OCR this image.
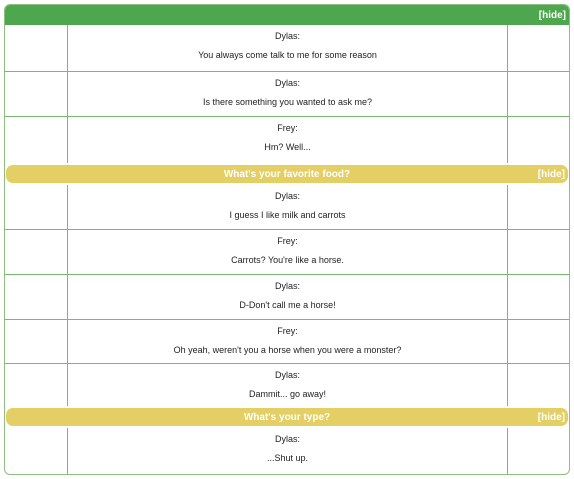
[hide]
Dylas:
You always come talk to me for some reason
Dylas:
Is there something you wanted to ask me?
Frey:
Hm? Well...
What's your favorite food?	[hide]
Dylas:
I guess I like milk and carrots
Frey:
Carrots? You're like a horse.
Dylas:
D-Don't call me a horse!
Frey:
Oh yeah, weren't you a horse when you were a monster?
Dylas:
Dammit... go away!
What's your type?	[hide]
Dylas:
...Shut up.
